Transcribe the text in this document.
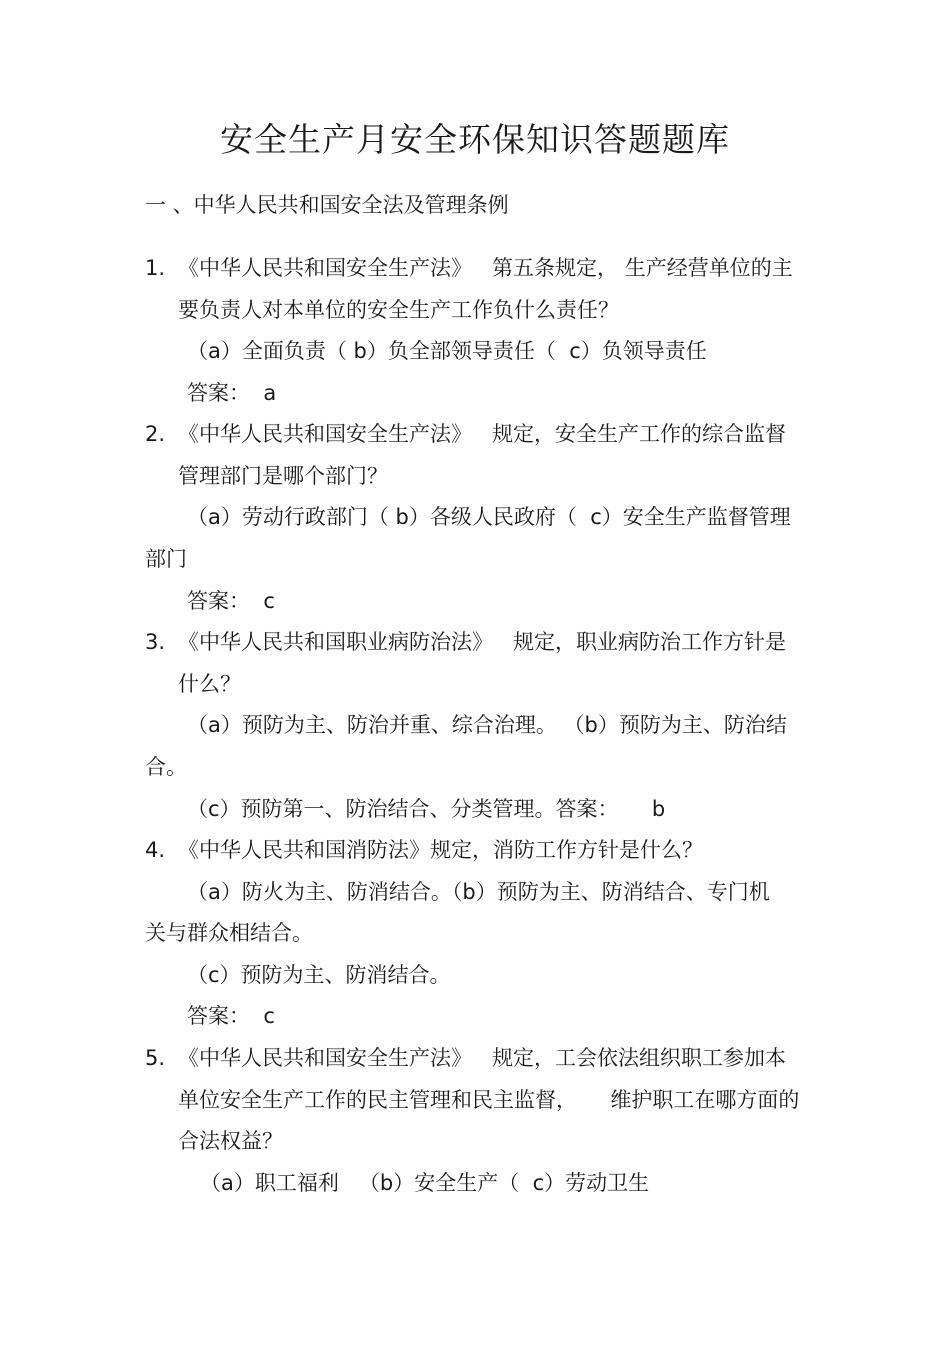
安全生产月安全环保知识答题题库
一 、中华人民共和国安全法及管理条例
1. 《中华人民共和国安全生产法》   第五条规定， 生产经营单位的主
要负责人对本单位的安全生产工作负什么责任？
（a）全面负责（ b）负全部领导责任（  c）负领导责任
答案：  a
2. 《中华人民共和国安全生产法》   规定，安全生产工作的综合监督
管理部门是哪个部门？
（a）劳动行政部门（ b）各级人民政府（  c）安全生产监督管理
部门
答案：  c
3. 《中华人民共和国职业病防治法》   规定，职业病防治工作方针是
什么？
（a）预防为主、防治并重、综合治理。 （b）预防为主、防治结
合。
（c）预防第一、防治结合、分类管理。答案：     b
4. 《中华人民共和国消防法》规定，消防工作方针是什么？
（a）防火为主、防消结合。（b）预防为主、防消结合、专门机
关与群众相结合。
（c）预防为主、防消结合。
答案：  c
5. 《中华人民共和国安全生产法》   规定，工会依法组织职工参加本
单位安全生产工作的民主管理和民主监督，     维护职工在哪方面的
合法权益？
（a）职工福利   （b）安全生产（  c）劳动卫生
